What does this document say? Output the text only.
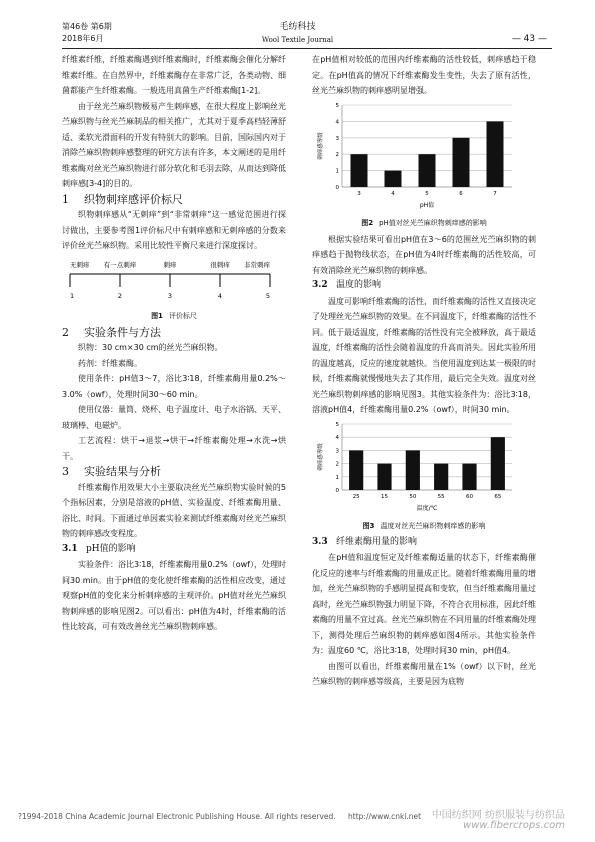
第46卷 第6期
2018年6月
毛纺科技
Wool Textile Journal	— 43 —

纤维素纤维，纤维素酶遇到纤维素酶时，纤维素酶会催化分解纤维素纤维。在自然界中，纤维素酶存在非常广泛，各类动物、细菌都能产生纤维素酶。一般选用真菌生产纤维素酶[1-2]。

由于丝光苎麻织物极易产生刺痒感，在很大程度上影响丝光苎麻织物与丝光苎麻制品的相关推广，尤其对于夏季高档轻薄舒适、柔软光滑面料的开发有特别大的影响。目前，国际国内对于消除苎麻织物刺痒感整理的研究方法有许多，本文阐述的是用纤维素酶对丝光苎麻织物进行部分软化和毛羽去除，从而达到降低刺痒感[3-4]的目的。

1 织物刺痒感评价标尺

织物刺痒感从“无刺痒”到“非常刺痒”这一感觉范围进行探讨做出，主要参考图1评价标尺中有刺痒感和无刺痒感的分数来评价丝光苎麻织物。采用比较性平衡尺来进行深度探讨。

1
无刺痒
2
有一点刺痒
3
刺痒
4
很刺痒
5
非常刺痒

图1 评价标尺

2 实验条件与方法

织物：30 cm×30 cm的丝光苎麻织物。

药剂：纤维素酶。

使用条件：pH值3～7，浴比3∶18，纤维素酶用量0.2%～3.0%（owf），处理时间30～60 min。

使用仪器：量筒、烧杯、电子温度计、电子水浴锅、天平、玻璃棒、电磁炉。

工艺流程：烘干→退浆→烘干→纤维素酶处理→水洗→烘干。

3 实验结果与分析

纤维素酶作用效果大小主要取决丝光苎麻织物实验时候的5个指标因素，分别是溶液的pH值、实验温度、纤维素酶用量、浴比、时间。下面通过单因素实验来测试纤维素酶对丝光苎麻织物的刺痒感改变程度。

3.1 pH值的影响

实验条件：浴比3∶18，纤维素酶用量0.2%（owf），处理时间30 min。由于pH值的变化使纤维素酶的活性相应改变，通过观察pH值的变化来分析刺痒感的主观评价。pH值对丝光苎麻织物刺痒感的影响见图2。可以看出：pH值为4时，纤维素酶的活性比较高，可有效改善丝光苎麻织物刺痒感。

在pH值相对较低的范围内纤维素酶的活性较低，刺痒感趋于稳定。在pH值高的情况下纤维素酶发生变性，失去了原有活性，丝光苎麻织物的刺痒感明显增强。

0
1
2
3
4
5
3	4	5	6	7
pH值
刺痒感等级

图2 pH值对丝光苎麻织物刺痒感的影响

根据实验结果可看出pH值在3～6的范围丝光苎麻织物的刺痒感趋于抛物线状态，在pH值为4时纤维素酶的活性较高，可有效消除丝光苎麻织物的刺痒感。

3.2 温度的影响

温度可影响纤维素酶的活性，而纤维素酶的活性又直接决定了处理丝光苎麻织物的效果。在不同温度下，纤维素酶的活性不同。低于最适温度，纤维素酶的活性没有完全被释放，高于最适温度，纤维素酶的活性会随着温度的升高而消失。因此实验所用的温度越高，反应的速度就越快。当使用温度到达某一极限的时候，纤维素酶就慢慢地失去了其作用，最后完全失效。温度对丝光苎麻织物刺痒感的影响见图3。其他实验条件为：浴比3∶18，溶液pH值4，纤维素酶用量0.2%（owf），时间30 min。

0
1
2
3
4
5
25	15	50	55	60	65
温度/℃
刺痒感等级

图3 温度对丝光苎麻织物刺痒感的影响

3.3 纤维素酶用量的影响

在pH值和温度恒定及纤维素酶适量的状态下，纤维素酶催化反应的速率与纤维素酶的用量成正比。随着纤维素酶用量的增加，丝光苎麻织物的手感明显提高和变软，但当纤维素酶用量过高时，丝光苎麻织物强力明显下降，不符合衣用标准，因此纤维素酶的用量不宜过高。丝光苎麻织物在不同用量的纤维素酶处理下，测得处理后苎麻织物的刺痒感如图4所示。其他实验条件为：温度60 ℃，浴比3∶18，处理时间30 min，pH值4。

由图可以看出，纤维素酶用量在1%（owf）以下时，丝光苎麻织物的刺痒感等级高，主要是因为底物

?1994-2018 China Academic Journal Electronic Publishing House. All rights reserved. http://www.cnki.net 中国纺织网 纺织服装与纺织品
www.fibercrops.com
